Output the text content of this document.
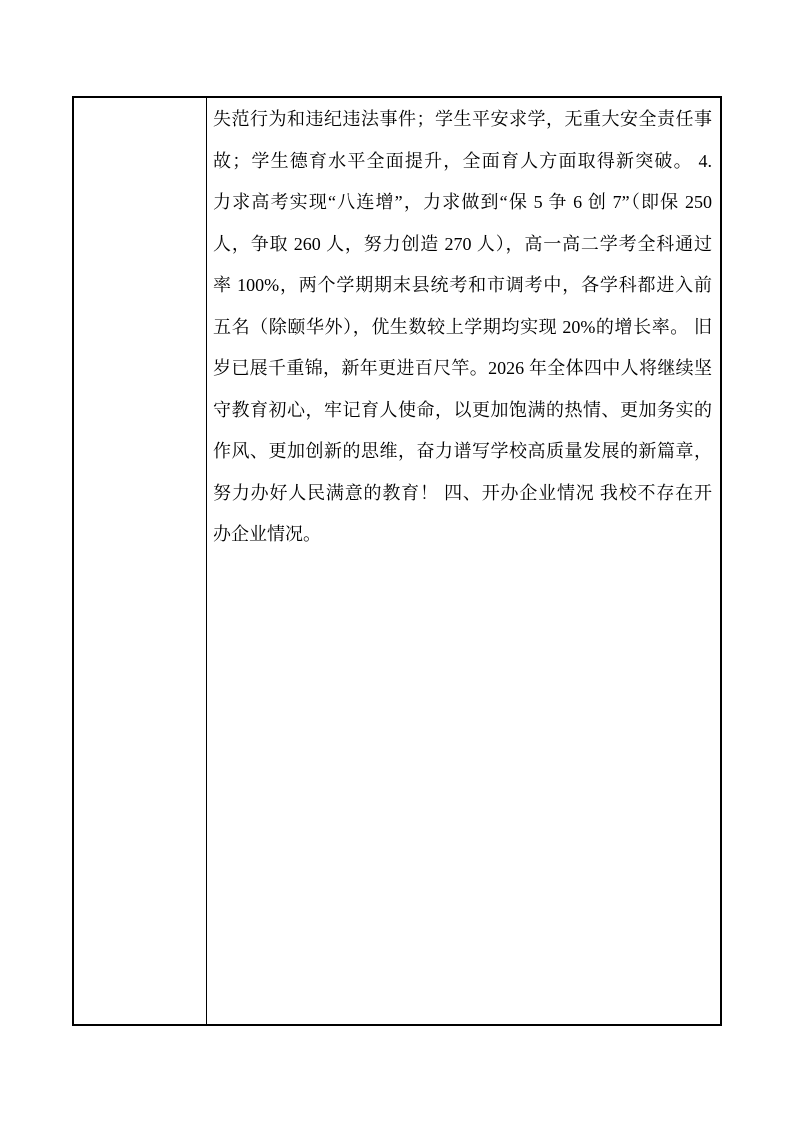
失范行为和违纪违法事件；学生平安求学，无重大安全责任事
故；学生德育水平全面提升，全面育人方面取得新突破。 4.
力求高考实现“八连增”，力求做到“保 5 争 6 创 7”（即保 250
人，争取 260 人，努力创造 270 人），高一高二学考全科通过
率 100%，两个学期期末县统考和市调考中，各学科都进入前
五名（除颐华外），优生数较上学期均实现 20%的增长率。 旧
岁已展千重锦，新年更进百尺竿。2026 年全体四中人将继续坚
守教育初心，牢记育人使命，以更加饱满的热情、更加务实的
作风、更加创新的思维，奋力谱写学校高质量发展的新篇章，
努力办好人民满意的教育！ 四、开办企业情况 我校不存在开
办企业情况。
